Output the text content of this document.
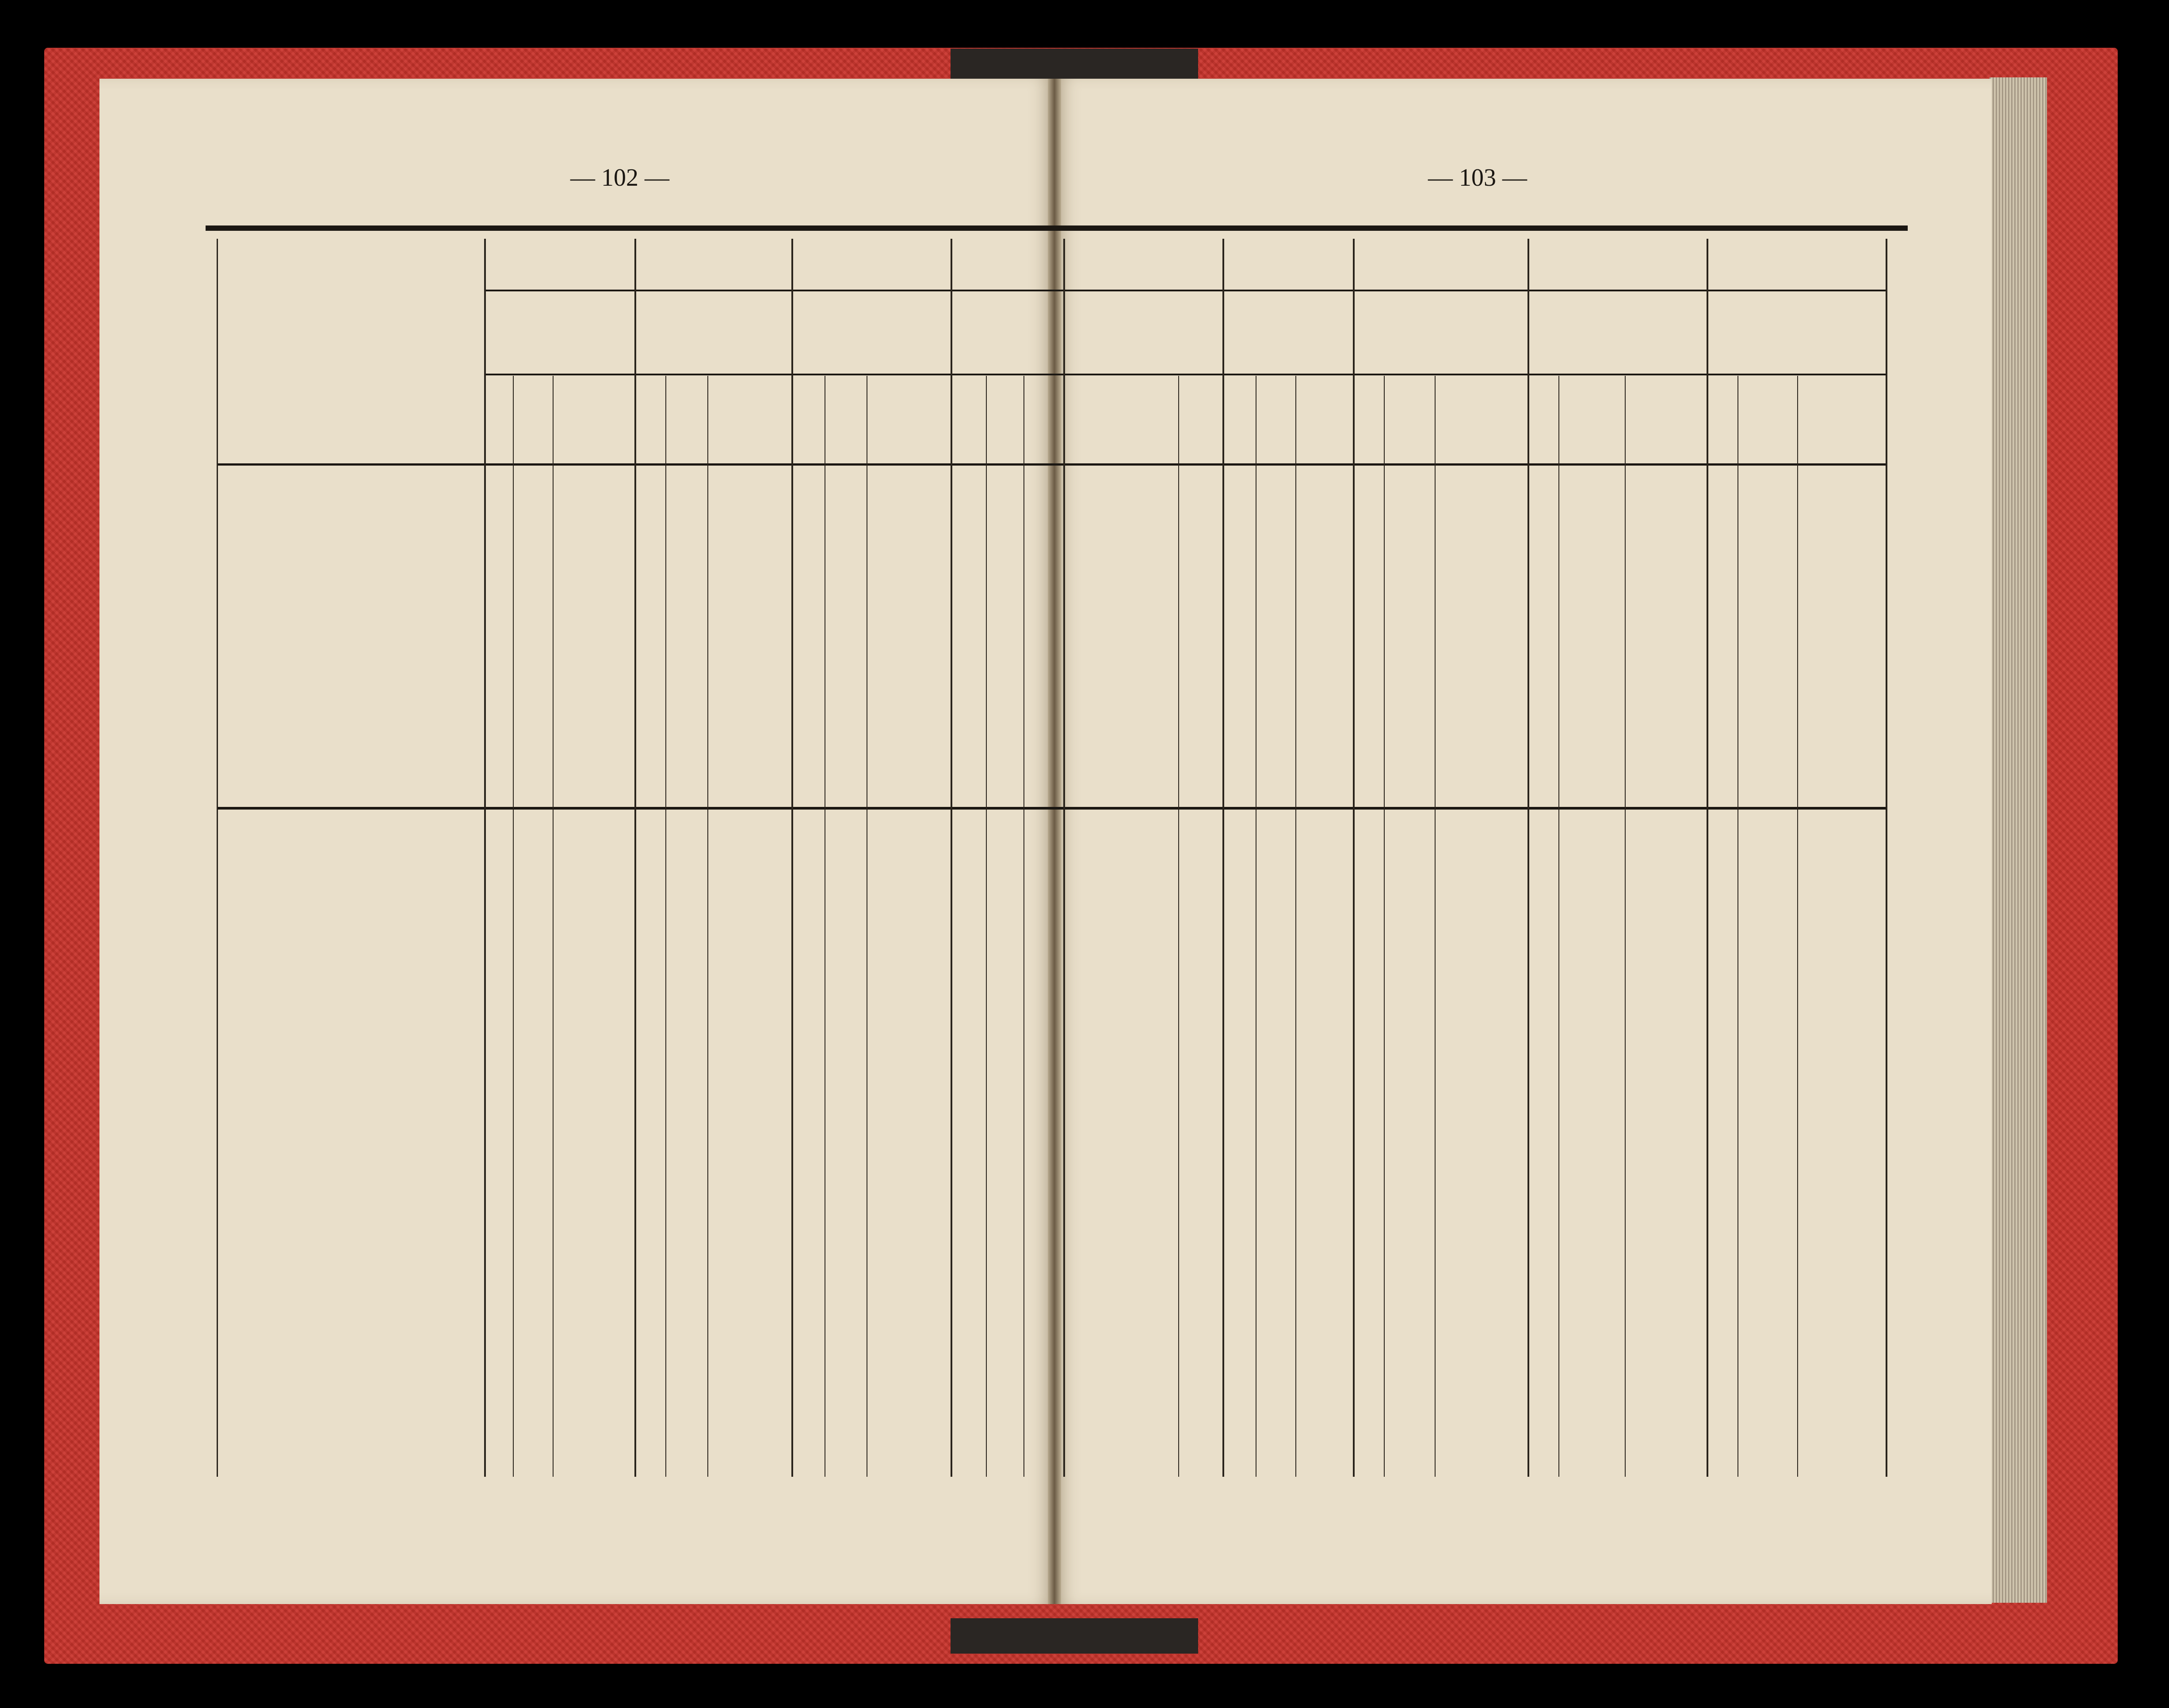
— 102 —	— 103 —
